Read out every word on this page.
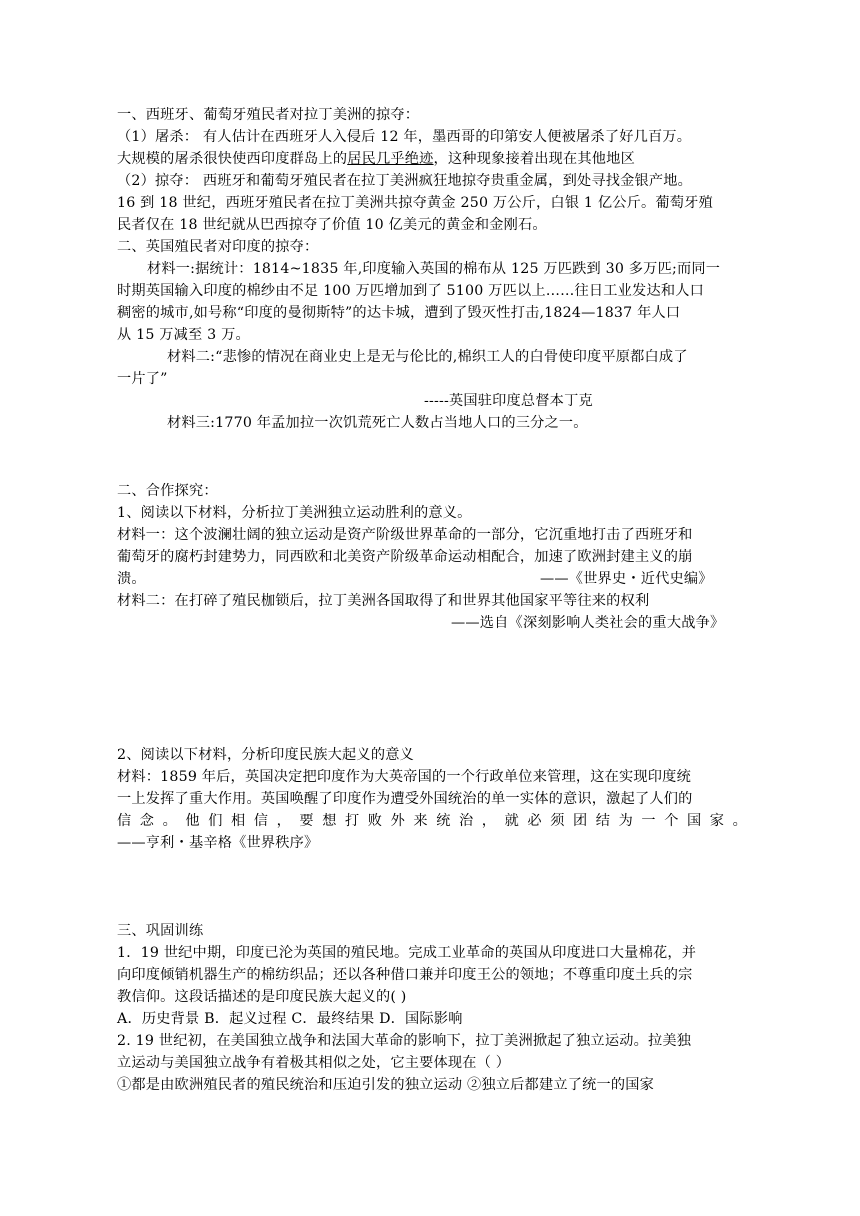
一、西班牙、葡萄牙殖民者对拉丁美洲的掠夺：
（1）屠杀： 有人估计在西班牙人入侵后 12 年，墨西哥的印第安人便被屠杀了好几百万。
大规模的屠杀很快使西印度群岛上的居民几乎绝迹，这种现象接着出现在其他地区
（2）掠夺： 西班牙和葡萄牙殖民者在拉丁美洲疯狂地掠夺贵重金属，到处寻找金银产地。
16 到 18 世纪，西班牙殖民者在拉丁美洲共掠夺黄金 250 万公斤，白银 1 亿公斤。葡萄牙殖
民者仅在 18 世纪就从巴西掠夺了价值 10 亿美元的黄金和金刚石。
二、英国殖民者对印度的掠夺：
材料一:据统计：1814~1835 年,印度输入英国的棉布从 125 万匹跌到 30 多万匹;而同一
时期英国输入印度的棉纱由不足 100 万匹增加到了 5100 万匹以上……往日工业发达和人口
稠密的城市,如号称“印度的曼彻斯特”的达卡城，遭到了毁灭性打击,1824—1837 年人口
从 15 万减至 3 万。
材料二:“悲惨的情况在商业史上是无与伦比的,棉织工人的白骨使印度平原都白成了
一片了”
-----英国驻印度总督本丁克
材料三:1770 年孟加拉一次饥荒死亡人数占当地人口的三分之一。
二、合作探究：
1、阅读以下材料，分析拉丁美洲独立运动胜利的意义。
材料一：这个波澜壮阔的独立运动是资产阶级世界革命的一部分，它沉重地打击了西班牙和
葡萄牙的腐朽封建势力，同西欧和北美资产阶级革命运动相配合，加速了欧洲封建主义的崩
溃。	——《世界史・近代史编》
材料二：在打碎了殖民枷锁后，拉丁美洲各国取得了和世界其他国家平等往来的权利
——选自《深刻影响人类社会的重大战争》
2、阅读以下材料，分析印度民族大起义的意义
材料：1859 年后，英国决定把印度作为大英帝国的一个行政单位来管理，这在实现印度统
一上发挥了重大作用。英国唤醒了印度作为遭受外国统治的单一实体的意识，激起了人们的
信念。他们相信，要想打败外来统治，就必须团结为一个国家。
——亨利・基辛格《世界秩序》
三、巩固训练
1．19 世纪中期，印度已沦为英国的殖民地。完成工业革命的英国从印度进口大量棉花，并
向印度倾销机器生产的棉纺织品；还以各种借口兼并印度王公的领地；不尊重印度土兵的宗
教信仰。这段话描述的是印度民族大起义的( )
A．历史背景 B．起义过程 C．最终结果 D．国际影响
2. 19 世纪初，在美国独立战争和法国大革命的影响下，拉丁美洲掀起了独立运动。拉美独
立运动与美国独立战争有着极其相似之处，它主要体现在（ ）
①都是由欧洲殖民者的殖民统治和压迫引发的独立运动 ②独立后都建立了统一的国家
